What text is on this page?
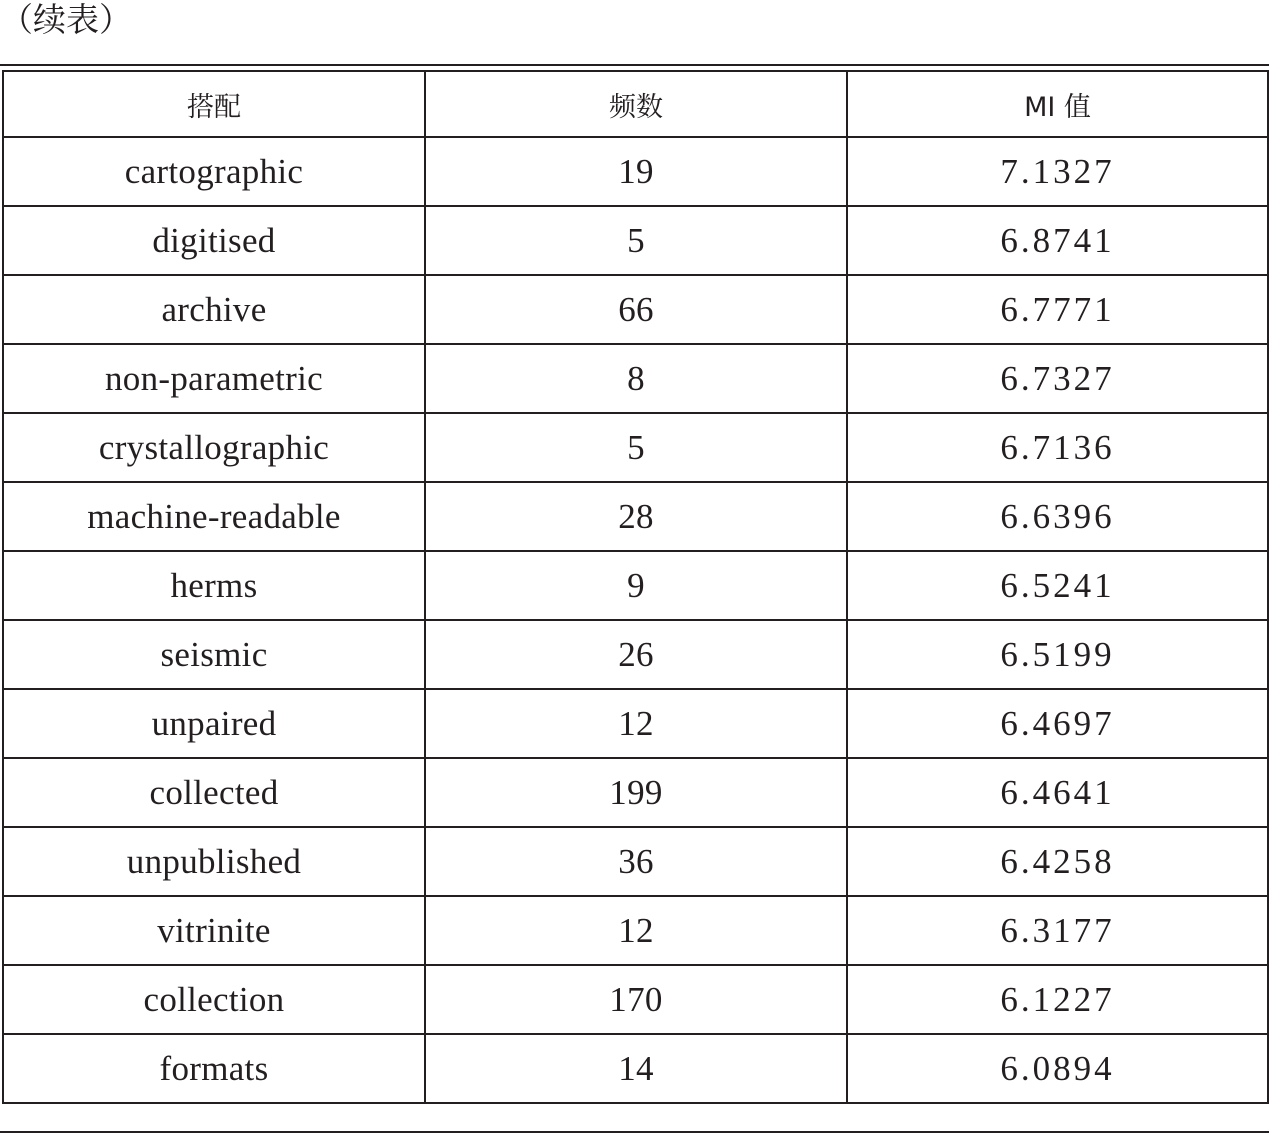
（续表）
搭配	频数	MI 值
cartographic	19	7.1327
digitised	5	6.8741
archive	66	6.7771
non-parametric	8	6.7327
crystallographic	5	6.7136
machine-readable	28	6.6396
herms	9	6.5241
seismic	26	6.5199
unpaired	12	6.4697
collected	199	6.4641
unpublished	36	6.4258
vitrinite	12	6.3177
collection	170	6.1227
formats	14	6.0894
